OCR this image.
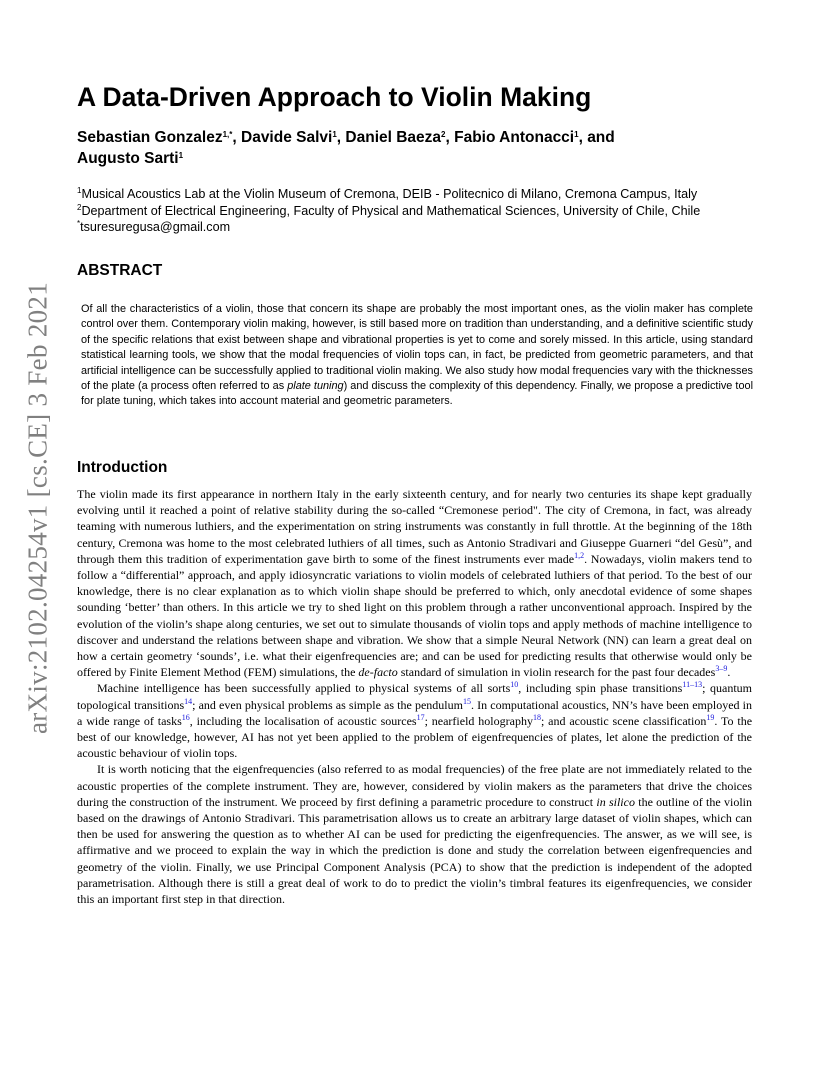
arXiv:2102.04254v1 [cs.CE] 3 Feb 2021
A Data-Driven Approach to Violin Making
Sebastian Gonzalez$^{1,*}$, Davide Salvi$^1$, Daniel Baeza$^2$, Fabio Antonacci$^1$, and
Augusto Sarti$^1$
$^1$Musical Acoustics Lab at the Violin Museum of Cremona, DEIB - Politecnico di Milano, Cremona Campus, Italy
$^2$Department of Electrical Engineering, Faculty of Physical and Mathematical Sciences, University of Chile, Chile
*tsuresuregusa@gmail.com
ABSTRACT

Of all the characteristics of a violin, those that concern its shape are probably the most important ones, as the violin maker has complete control over them. Contemporary violin making, however, is still based more on tradition than understanding, and a definitive scientific study of the specific relations that exist between shape and vibrational properties is yet to come and sorely missed. In this article, using standard statistical learning tools, we show that the modal frequencies of violin tops can, in fact, be predicted from geometric parameters, and that artificial intelligence can be successfully applied to traditional violin making. We also study how modal frequencies vary with the thicknesses of the plate (a process often referred to as plate tuning) and discuss the complexity of this dependency. Finally, we propose a predictive tool for plate tuning, which takes into account material and geometric parameters.

Introduction

The violin made its first appearance in northern Italy in the early sixteenth century, and for nearly two centuries its shape kept gradually evolving until it reached a point of relative stability during the so-called “Cremonese period". The city of Cremona, in fact, was already teaming with numerous luthiers, and the experimentation on string instruments was constantly in full throttle. At the beginning of the 18th century, Cremona was home to the most celebrated luthiers of all times, such as Antonio Stradivari and Giuseppe Guarneri “del Gesù”, and through them this tradition of experimentation gave birth to some of the finest instruments ever made$^{1,2}$. Nowadays, violin makers tend to follow a “differential” approach, and apply idiosyncratic variations to violin models of celebrated luthiers of that period. To the best of our knowledge, there is no clear explanation as to which violin shape should be preferred to which, only anecdotal evidence of some shapes sounding ‘better’ than others. In this article we try to shed light on this problem through a rather unconventional approach. Inspired by the evolution of the violin’s shape along centuries, we set out to simulate thousands of violin tops and apply methods of machine intelligence to discover and understand the relations between shape and vibration. We show that a simple Neural Network (NN) can learn a great deal on how a certain geometry ‘sounds’, i.e. what their eigenfrequencies are; and can be used for predicting results that otherwise would only be offered by Finite Element Method (FEM) simulations, the de-facto standard of simulation in violin research for the past four decades$^{3-9}$.

Machine intelligence has been successfully applied to physical systems of all sorts$^{10}$, including spin phase transitions$^{11-13}$; quantum topological transitions$^{14}$; and even physical problems as simple as the pendulum$^{15}$. In computational acoustics, NN’s have been employed in a wide range of tasks$^{16}$, including the localisation of acoustic sources$^{17}$; nearfield holography$^{18}$; and acoustic scene classification$^{19}$. To the best of our knowledge, however, AI has not yet been applied to the problem of eigenfrequencies of plates, let alone the prediction of the acoustic behaviour of violin tops.

It is worth noticing that the eigenfrequencies (also referred to as modal frequencies) of the free plate are not immediately related to the acoustic properties of the complete instrument. They are, however, considered by violin makers as the parameters that drive the choices during the construction of the instrument. We proceed by first defining a parametric procedure to construct in silico the outline of the violin based on the drawings of Antonio Stradivari. This parametrisation allows us to create an arbitrary large dataset of violin shapes, which can then be used for answering the question as to whether AI can be used for predicting the eigenfrequencies. The answer, as we will see, is affirmative and we proceed to explain the way in which the prediction is done and study the correlation between eigenfrequencies and geometry of the violin. Finally, we use Principal Component Analysis (PCA) to show that the prediction is independent of the adopted parametrisation. Although there is still a great deal of work to do to predict the violin’s timbral features its eigenfrequencies, we consider this an important first step in that direction.
